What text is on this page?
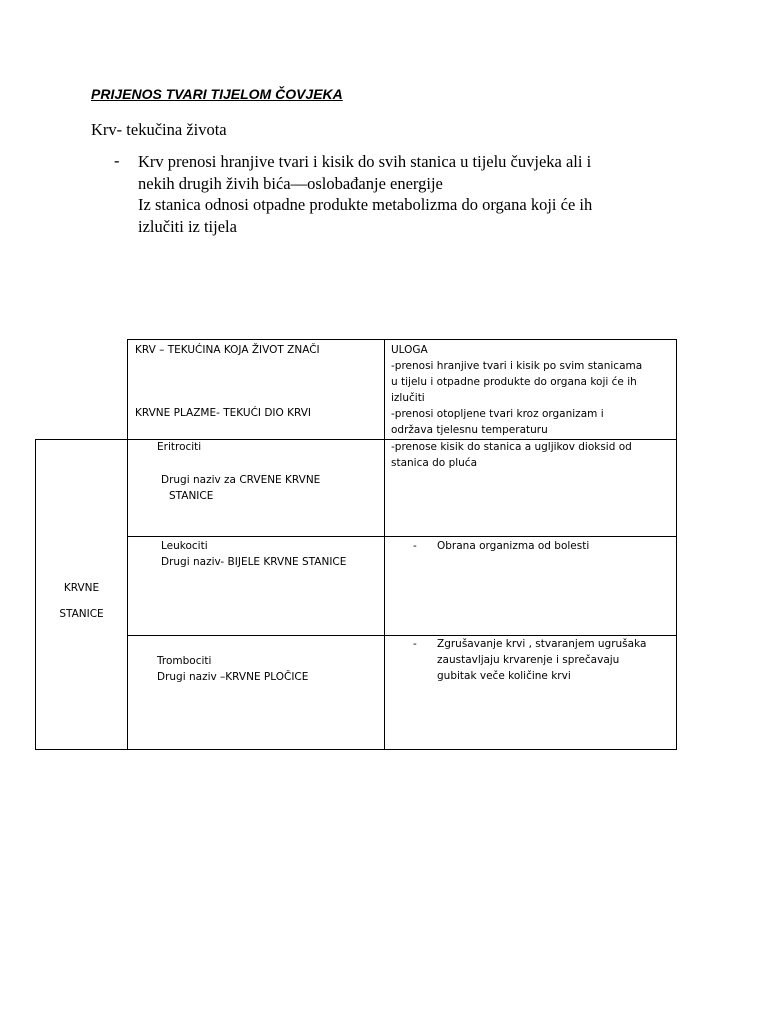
PRIJENOS TVARI TIJELOM ČOVJEKA
Krv- tekučina života
- Krv prenosi hranjive tvari i kisik do svih stanica u tijelu čuvjeka ali i
nekih drugih živih bića—oslobađanje energije
Iz stanica odnosi otpadne produkte metabolizma do organa koji će ih
izlučiti iz tijela
KRVNE
STANICE
KRV – TEKUĆINA KOJA ŽIVOT ZNAČI
KRVNE PLAZME- TEKUĆI DIO KRVI
ULOGA
-prenosi hranjive tvari i kisik po svim stanicama
u tijelu i otpadne produkte do organa koji će ih
izlučiti
-prenosi otopljene tvari kroz organizam i
održava tjelesnu temperaturu
Eritrociti
Drugi naziv za CRVENE KRVNE
STANICE
-prenose kisik do stanica a ugljikov dioksid od
stanica do pluća
Leukociti
Drugi naziv- BIJELE KRVNE STANICE
- Obrana organizma od bolesti
Trombociti
Drugi naziv –KRVNE PLOČICE
- Zgrušavanje krvi , stvaranjem ugrušaka
zaustavljaju krvarenje i sprečavaju
gubitak veče količine krvi
